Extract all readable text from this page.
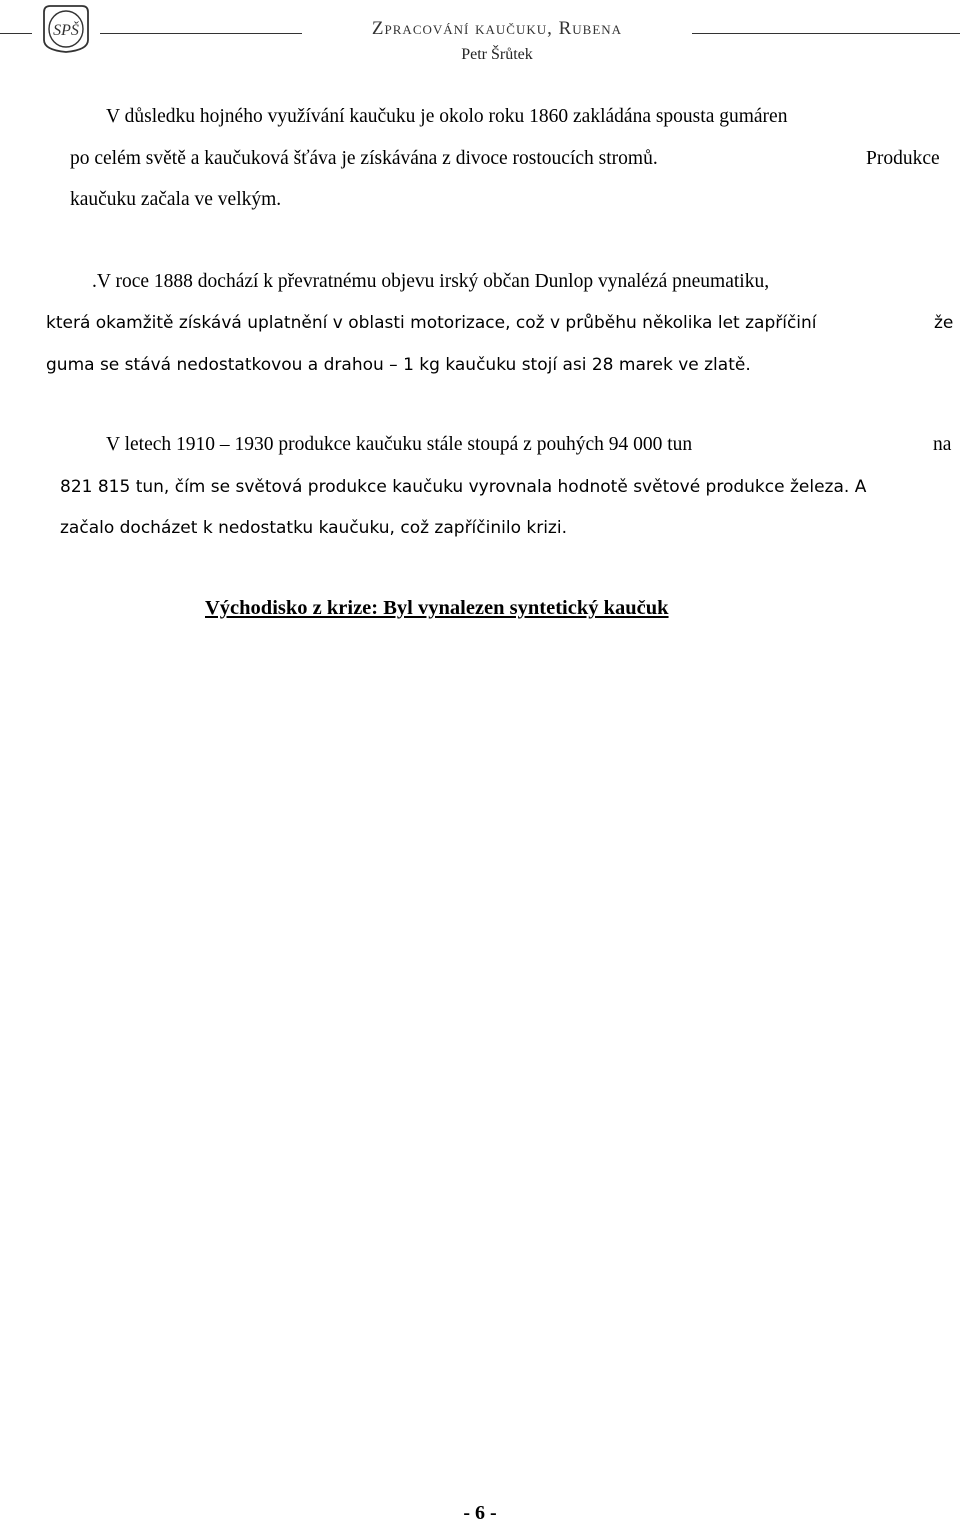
SPŠ	Zpracování kaučuku, Rubena
Petr Šrůtek
V důsledku hojného využívání kaučuku je okolo roku 1860 zakládána spousta gumáren
po celém světě a kaučuková šťáva je získávána z divoce rostoucích stromů.	Produkce
kaučuku začala ve velkým.
.V roce 1888 dochází k převratnému objevu irský občan Dunlop vynalézá pneumatiku,
která okamžitě získává uplatnění v oblasti motorizace, což v průběhu několika let zapříčiní	že
guma se stává nedostatkovou a drahou – 1 kg kaučuku stojí asi 28 marek ve zlatě.
V letech 1910 – 1930 produkce kaučuku stále stoupá z pouhých 94 000 tun	na
821 815 tun, čím se světová produkce kaučuku vyrovnala hodnotě světové produkce železa. A
začalo docházet k nedostatku kaučuku, což zapříčinilo krizi.
Východisko z krize: Byl vynalezen syntetický kaučuk
- 6 -
